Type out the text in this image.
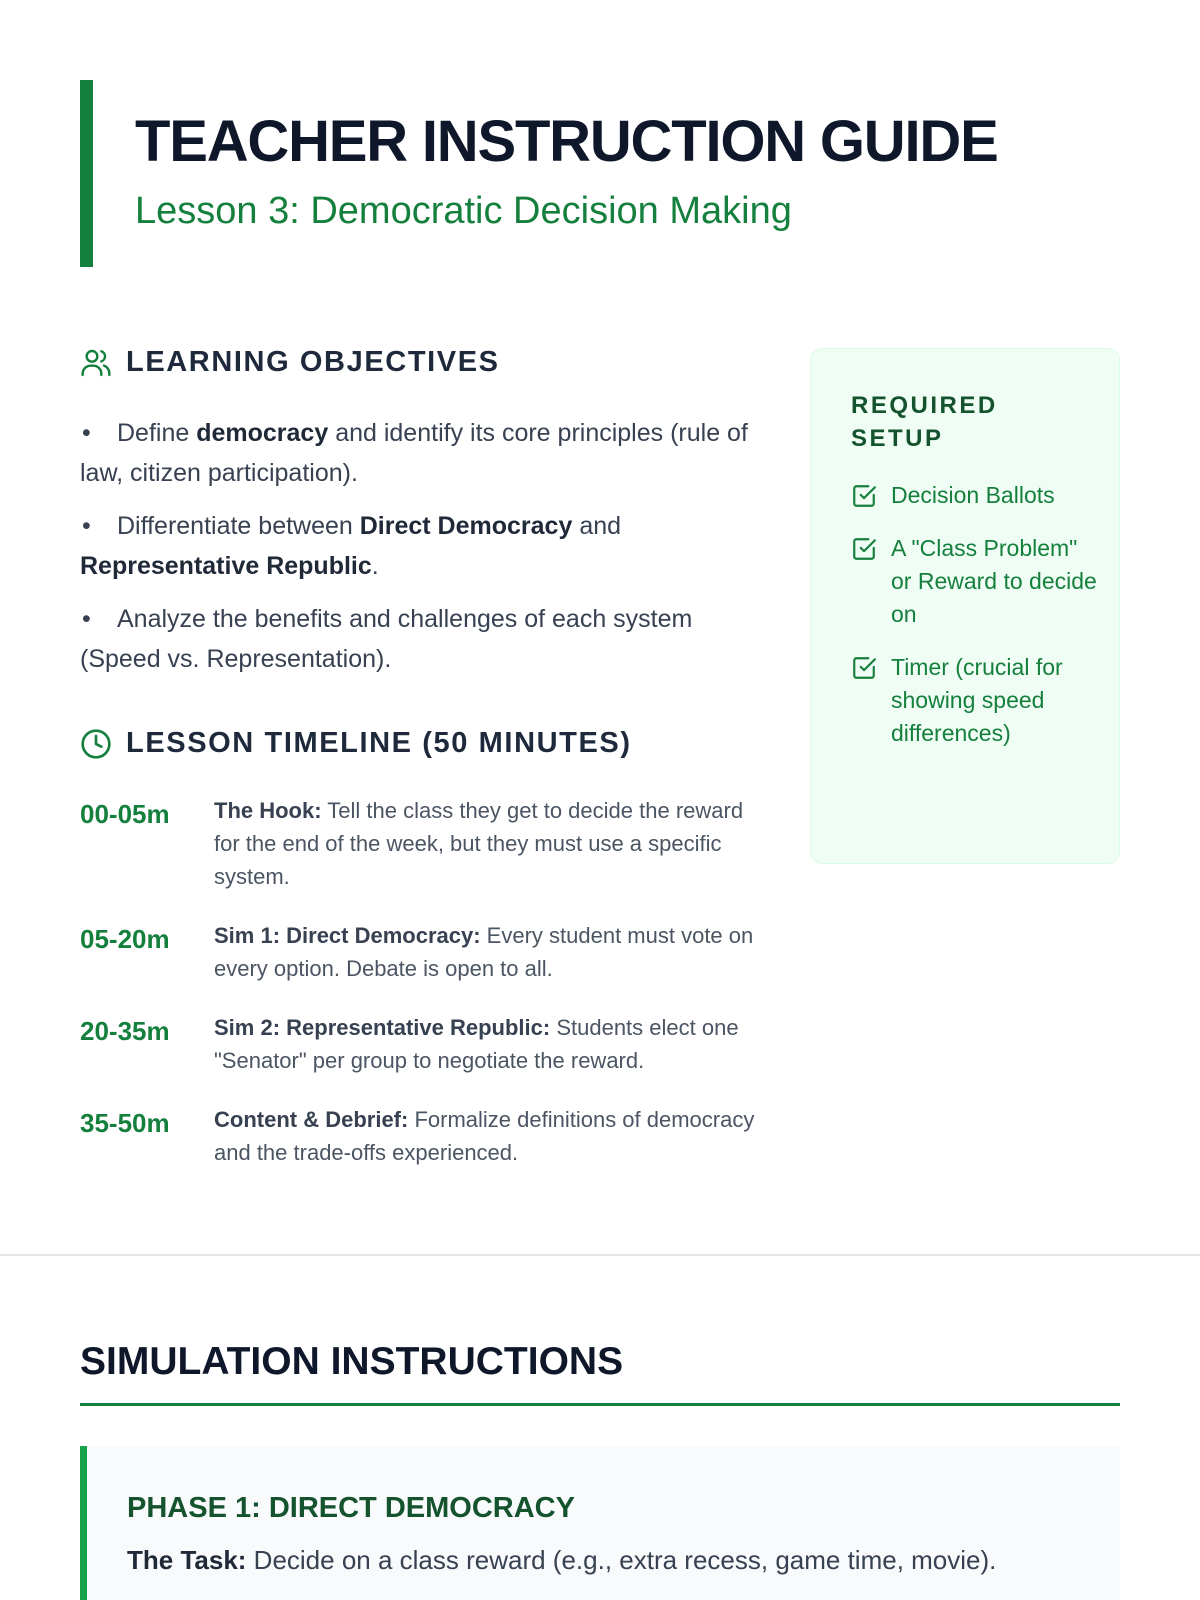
TEACHER INSTRUCTION GUIDE
Lesson 3: Democratic Decision Making
LEARNING OBJECTIVES
• Define democracy and identify its core principles (rule of law, citizen participation).
• Differentiate between Direct Democracy and Representative Republic.
• Analyze the benefits and challenges of each system (Speed vs. Representation).
LESSON TIMELINE (50 MINUTES)
00-05m	The Hook: Tell the class they get to decide the reward for the end of the week, but they must use a specific system.
05-20m	Sim 1: Direct Democracy: Every student must vote on every option. Debate is open to all.
20-35m	Sim 2: Representative Republic: Students elect one "Senator" per group to negotiate the reward.
35-50m	Content & Debrief: Formalize definitions of democracy and the trade-offs experienced.
REQUIRED SETUP
Decision Ballots
A "Class Problem" or Reward to decide on
Timer (crucial for showing speed differences)
SIMULATION INSTRUCTIONS
PHASE 1: DIRECT DEMOCRACY
The Task: Decide on a class reward (e.g., extra recess, game time, movie).
